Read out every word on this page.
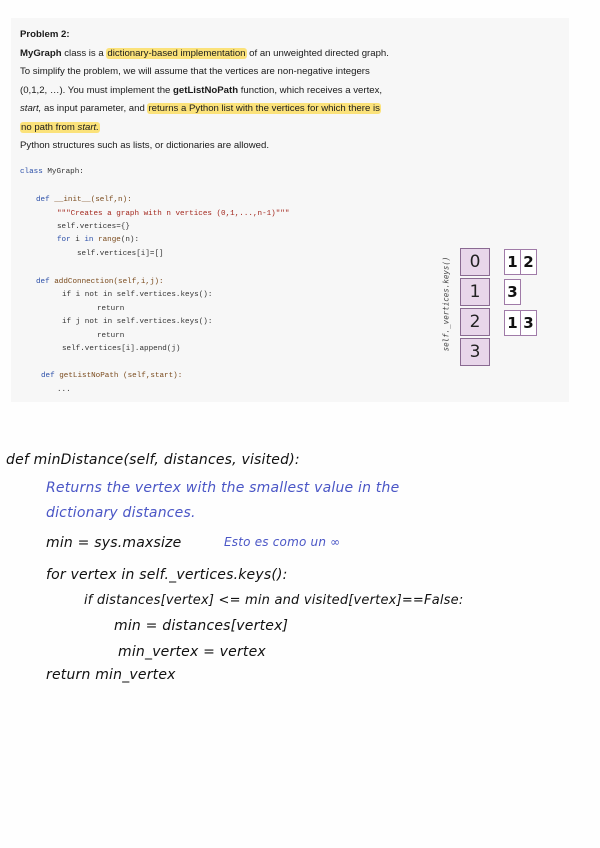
Problem 2:
MyGraph class is a dictionary-based implementation of an unweighted directed graph.
To simplify the problem, we will assume that the vertices are non-negative integers
(0,1,2, …). You must implement the getListNoPath function, which receives a vertex,
start, as input parameter, and returns a Python list with the vertices for which there is
no path from start.
Python structures such as lists, or dictionaries are allowed.
class MyGraph:
def __init__(self,n):
"""Creates a graph with n vertices (0,1,...,n-1)"""
self.vertices={}
for i in range(n):
self.vertices[i]=[]
def addConnection(self,i,j):
if i not in self.vertices.keys():
return
if j not in self.vertices.keys():
return
self.vertices[i].append(j)
def getListNoPath (self,start):
...
self._vertices.keys()	0
1
2
3
1 2
3
1 3
def minDistance(self, distances, visited):
Returns the vertex with the smallest value in the
dictionary distances.
min = sys.maxsize	Esto es como un ∞
for vertex in self._vertices.keys():
if distances[vertex] <= min and visited[vertex]==False:
min = distances[vertex]
min_vertex = vertex
return min_vertex
